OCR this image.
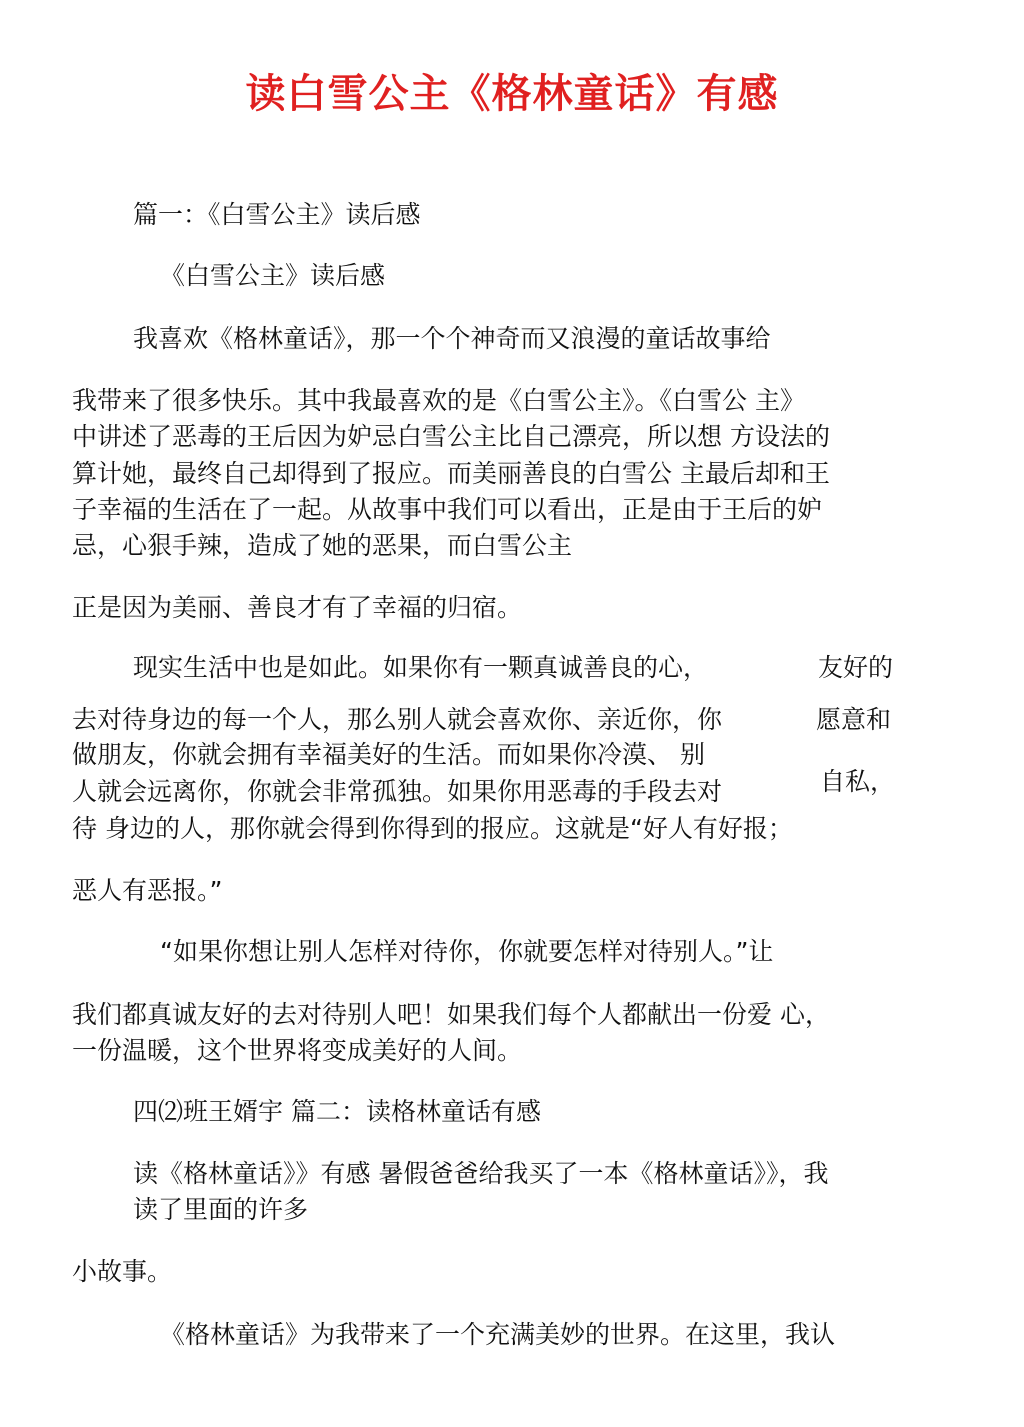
读白雪公主《格林童话》有感
篇一：《白雪公主》读后感
《白雪公主》读后感
我喜欢《格林童话》，那一个个神奇而又浪漫的童话故事给
我带来了很多快乐。其中我最喜欢的是《白雪公主》。《白雪公 主》
中讲述了恶毒的王后因为妒忌白雪公主比自己漂亮，所以想 方设法的
算计她，最终自己却得到了报应。而美丽善良的白雪公 主最后却和王
子幸福的生活在了一起。从故事中我们可以看出，正是由于王后的妒
忌，心狠手辣，造成了她的恶果，而白雪公主
正是因为美丽、善良才有了幸福的归宿。
现实生活中也是如此。如果你有一颗真诚善良的心，	友好的
去对待身边的每一个人，那么别人就会喜欢你、亲近你，你	愿意和
做朋友，你就会拥有幸福美好的生活。而如果你冷漠、 别
自私，
人就会远离你，你就会非常孤独。如果你用恶毒的手段去对
待 身边的人，那你就会得到你得到的报应。这就是“好人有好报；
恶人有恶报。”
“如果你想让别人怎样对待你，你就要怎样对待别人。”让
我们都真诚友好的去对待别人吧！如果我们每个人都献出一份爱 心，
一份温暖，这个世界将变成美好的人间。
四⑵班王婿宇 篇二：读格林童话有感
读《格林童话》》有感 暑假爸爸给我买了一本《格林童话》》，我
读了里面的许多
小故事。
《格林童话》为我带来了一个充满美妙的世界。在这里，我认
